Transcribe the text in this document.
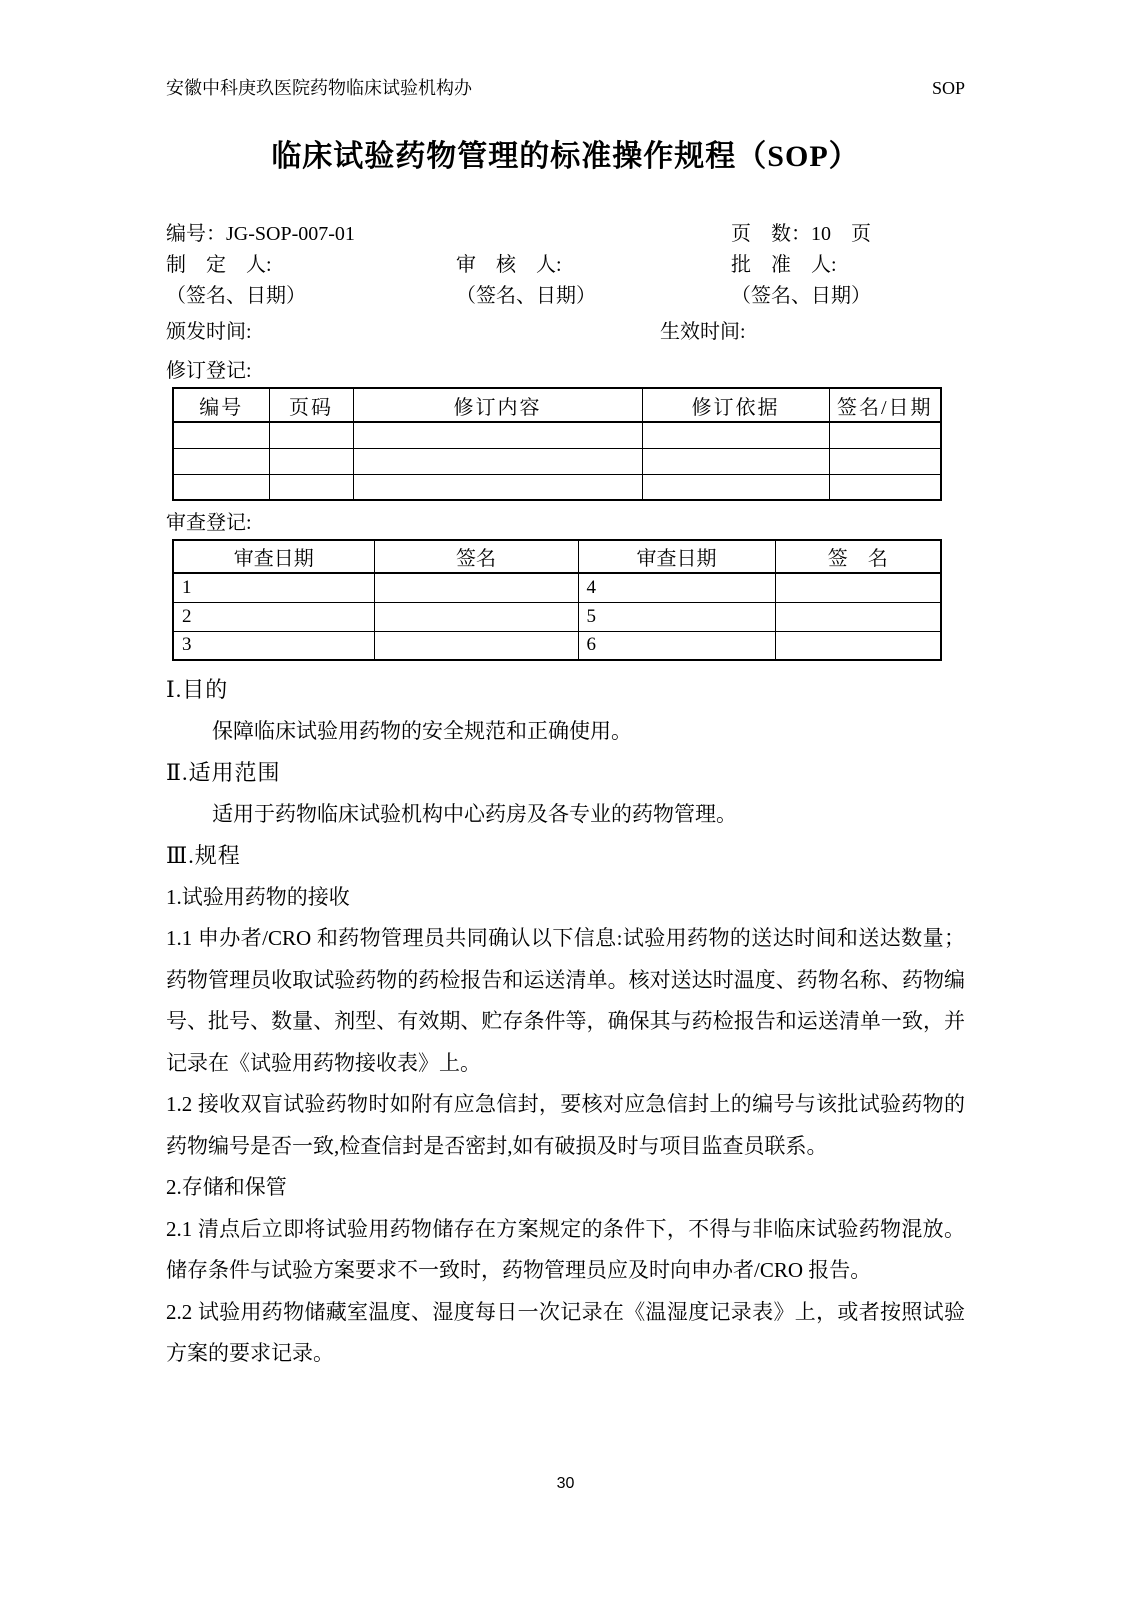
安徽中科庚玖医院药物临床试验机构办	SOP
临床试验药物管理的标准操作规程（SOP）
编号：JG-SOP-007-01	页　数：10　页
制　定　人:	审　核　人:	批　准　人:
（签名、日期）	（签名、日期）	（签名、日期）
颁发时间:	生效时间:
修订登记:
编号	页码	修订内容	修订依据	签名/日期

审查登记:
审查日期	签名	审查日期	签　名
1		4	
2		5	
3		6	

Ⅰ.目的

保障临床试验用药物的安全规范和正确使用。

Ⅱ.适用范围

适用于药物临床试验机构中心药房及各专业的药物管理。

Ⅲ.规程

1.试验用药物的接收

1.1 申办者/CRO 和药物管理员共同确认以下信息:试验用药物的送达时间和送达数量；药物管理员收取试验药物的药检报告和运送清单。核对送达时温度、药物名称、药物编号、批号、数量、剂型、有效期、贮存条件等，确保其与药检报告和运送清单一致，并记录在《试验用药物接收表》上。

1.2 接收双盲试验药物时如附有应急信封，要核对应急信封上的编号与该批试验药物的药物编号是否一致,检查信封是否密封,如有破损及时与项目监查员联系。

2.存储和保管

2.1 清点后立即将试验用药物储存在方案规定的条件下，不得与非临床试验药物混放。储存条件与试验方案要求不一致时，药物管理员应及时向申办者/CRO 报告。

2.2 试验用药物储藏室温度、湿度每日一次记录在《温湿度记录表》上，或者按照试验方案的要求记录。

30
